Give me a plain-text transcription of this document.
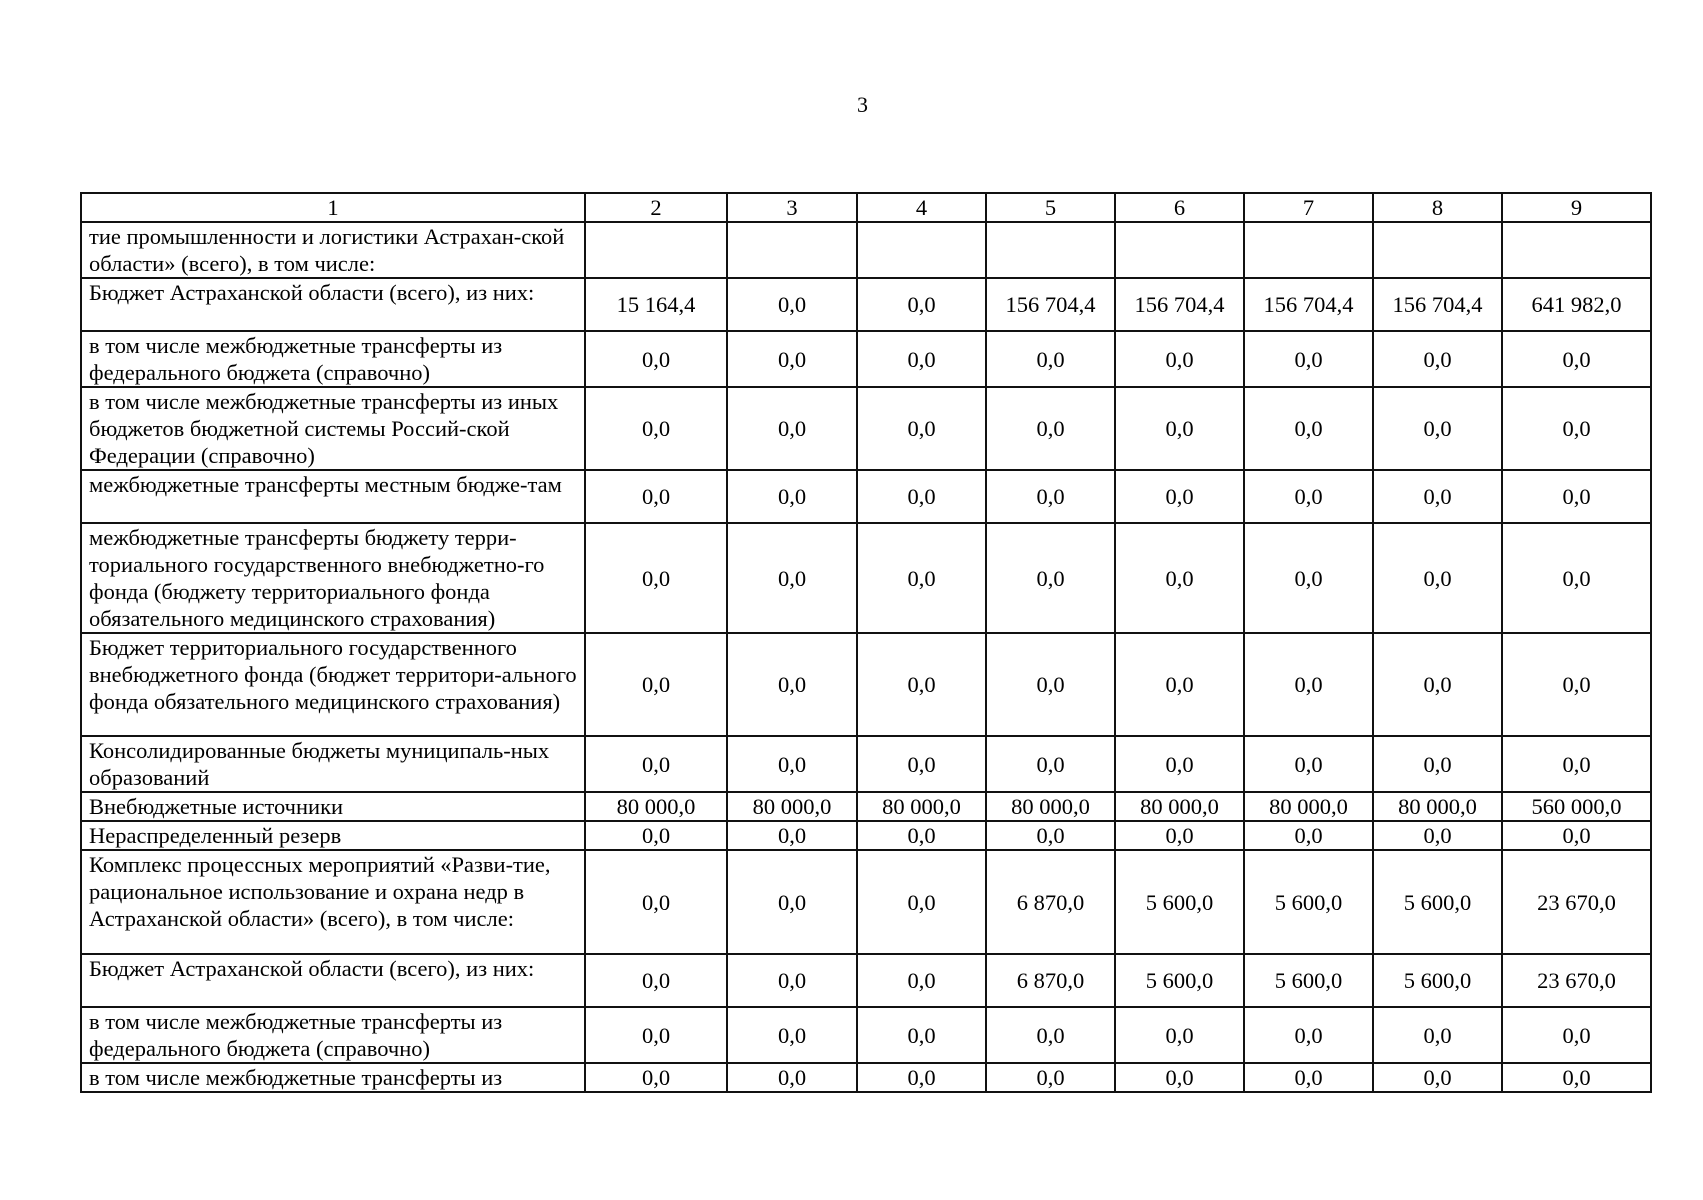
3
1	2	3	4	5	6	7	8	9
тие промышленности и логистики Астрахан-ской области» (всего), в том числе:								
Бюджет Астраханской области (всего), из них:	15 164,4	0,0	0,0	156 704,4	156 704,4	156 704,4	156 704,4	641 982,0
в том числе межбюджетные трансферты из федерального бюджета (справочно)	0,0	0,0	0,0	0,0	0,0	0,0	0,0	0,0
в том числе межбюджетные трансферты из иных бюджетов бюджетной системы Россий-ской Федерации (справочно)	0,0	0,0	0,0	0,0	0,0	0,0	0,0	0,0
межбюджетные трансферты местным бюдже-там	0,0	0,0	0,0	0,0	0,0	0,0	0,0	0,0
межбюджетные трансферты бюджету терри-ториального государственного внебюджетно-го фонда (бюджету территориального фонда обязательного медицинского страхования)	0,0	0,0	0,0	0,0	0,0	0,0	0,0	0,0
Бюджет территориального государственного внебюджетного фонда (бюджет территори-ального фонда обязательного медицинского страхования)	0,0	0,0	0,0	0,0	0,0	0,0	0,0	0,0
Консолидированные бюджеты муниципаль-ных образований	0,0	0,0	0,0	0,0	0,0	0,0	0,0	0,0
Внебюджетные источники	80 000,0	80 000,0	80 000,0	80 000,0	80 000,0	80 000,0	80 000,0	560 000,0
Нераспределенный резерв	0,0	0,0	0,0	0,0	0,0	0,0	0,0	0,0
Комплекс процессных мероприятий «Разви-тие, рациональное использование и охрана недр в Астраханской области» (всего), в том числе:	0,0	0,0	0,0	6 870,0	5 600,0	5 600,0	5 600,0	23 670,0
Бюджет Астраханской области (всего), из них:	0,0	0,0	0,0	6 870,0	5 600,0	5 600,0	5 600,0	23 670,0
в том числе межбюджетные трансферты из федерального бюджета (справочно)	0,0	0,0	0,0	0,0	0,0	0,0	0,0	0,0
в том числе межбюджетные трансферты из	0,0	0,0	0,0	0,0	0,0	0,0	0,0	0,0
